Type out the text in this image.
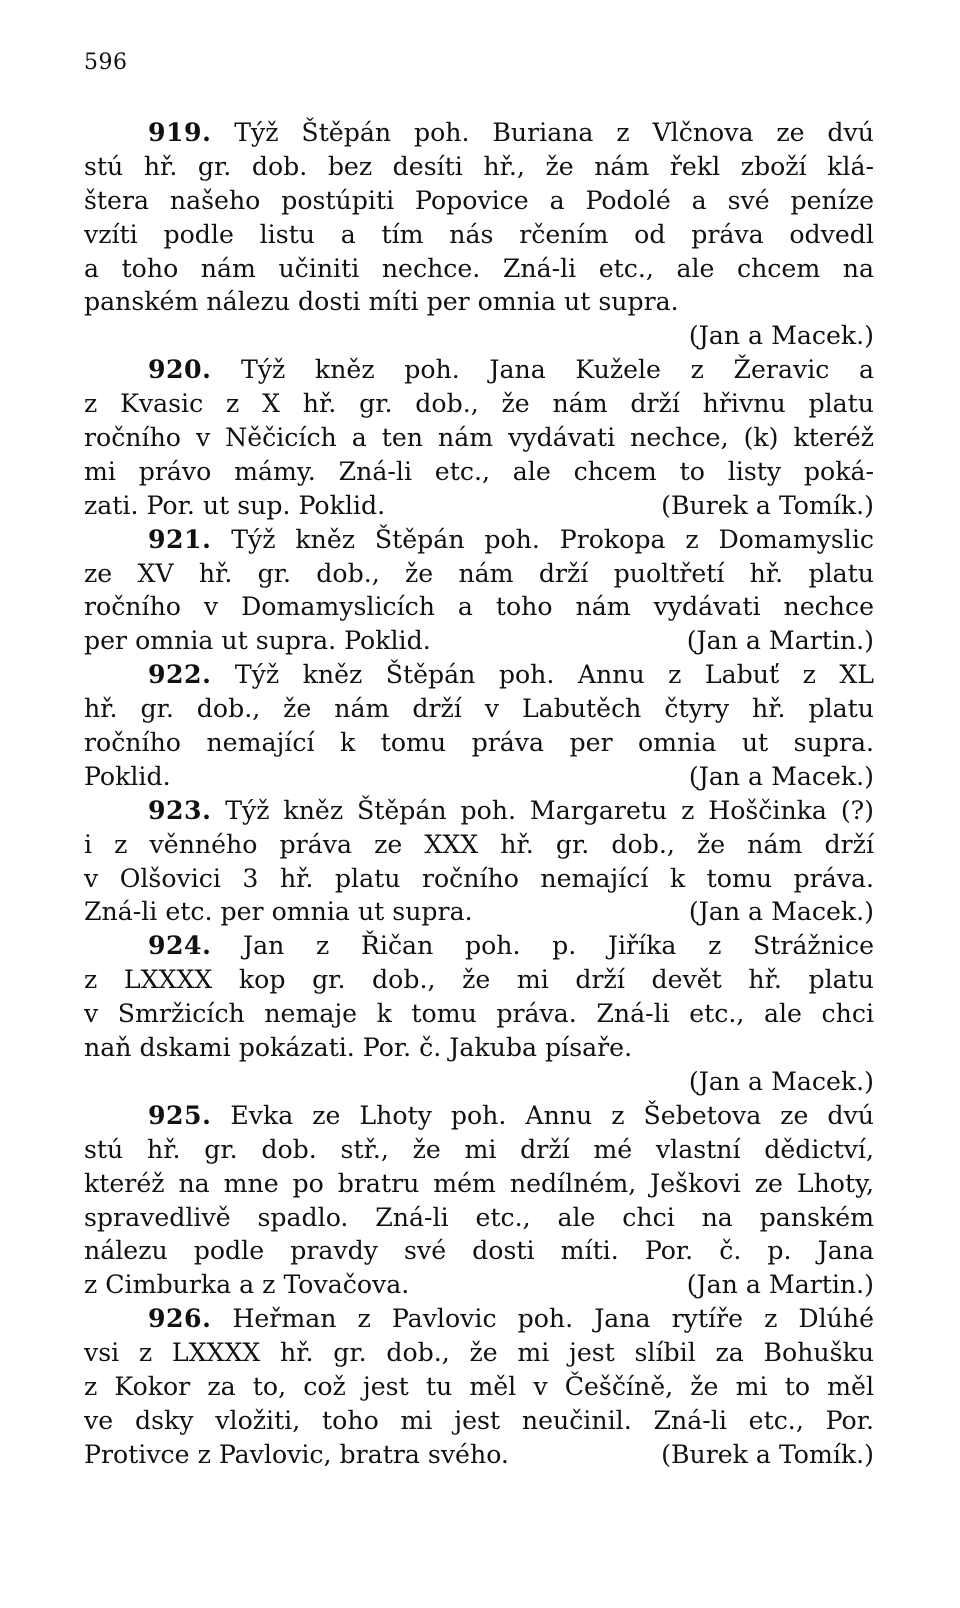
596
919. Týž Štěpán poh. Buriana z Vlčnova ze dvú
stú hř. gr. dob. bez desíti hř., že nám řekl zboží klá-
štera našeho postúpiti Popovice a Podolé a své peníze
vzíti podle listu a tím nás rčením od práva odvedl
a toho nám učiniti nechce. Zná-li etc., ale chcem na
panském nálezu dosti míti per omnia ut supra.
(Jan a Macek.)
920. Týž kněz poh. Jana Kužele z Žeravic a
z Kvasic z X hř. gr. dob., že nám drží hřivnu platu
ročního v Něčicích a ten nám vydávati nechce, (k) kteréž
mi právo mámy. Zná-li etc., ale chcem to listy poká-
zati. Por. ut sup. Poklid.	(Burek a Tomík.)
921. Týž kněz Štěpán poh. Prokopa z Domamyslic
ze XV hř. gr. dob., že nám drží puoltřetí hř. platu
ročního v Domamyslicích a toho nám vydávati nechce
per omnia ut supra. Poklid.	(Jan a Martin.)
922. Týž kněz Štěpán poh. Annu z Labuť z XL
hř. gr. dob., že nám drží v Labutěch čtyry hř. platu
ročního nemající k tomu práva per omnia ut supra.
Poklid.	(Jan a Macek.)
923. Týž kněz Štěpán poh. Margaretu z Hoščinka (?)
i z věnného práva ze XXX hř. gr. dob., že nám drží
v Olšovici 3 hř. platu ročního nemající k tomu práva.
Zná-li etc. per omnia ut supra.	(Jan a Macek.)
924. Jan z Řičan poh. p. Jiříka z Strážnice
z LXXXX kop gr. dob., že mi drží devět hř. platu
v Smržicích nemaje k tomu práva. Zná-li etc., ale chci
naň dskami pokázati. Por. č. Jakuba písaře.
(Jan a Macek.)
925. Evka ze Lhoty poh. Annu z Šebetova ze dvú
stú hř. gr. dob. stř., že mi drží mé vlastní dědictví,
kteréž na mne po bratru mém nedílném, Ješkovi ze Lhoty,
spravedlivě spadlo. Zná-li etc., ale chci na panském
nálezu podle pravdy své dosti míti. Por. č. p. Jana
z Cimburka a z Tovačova.	(Jan a Martin.)
926. Heřman z Pavlovic poh. Jana rytíře z Dlúhé
vsi z LXXXX hř. gr. dob., že mi jest slíbil za Bohušku
z Kokor za to, což jest tu měl v Češčíně, že mi to měl
ve dsky vložiti, toho mi jest neučinil. Zná-li etc., Por.
Protivce z Pavlovic, bratra svého.	(Burek a Tomík.)
